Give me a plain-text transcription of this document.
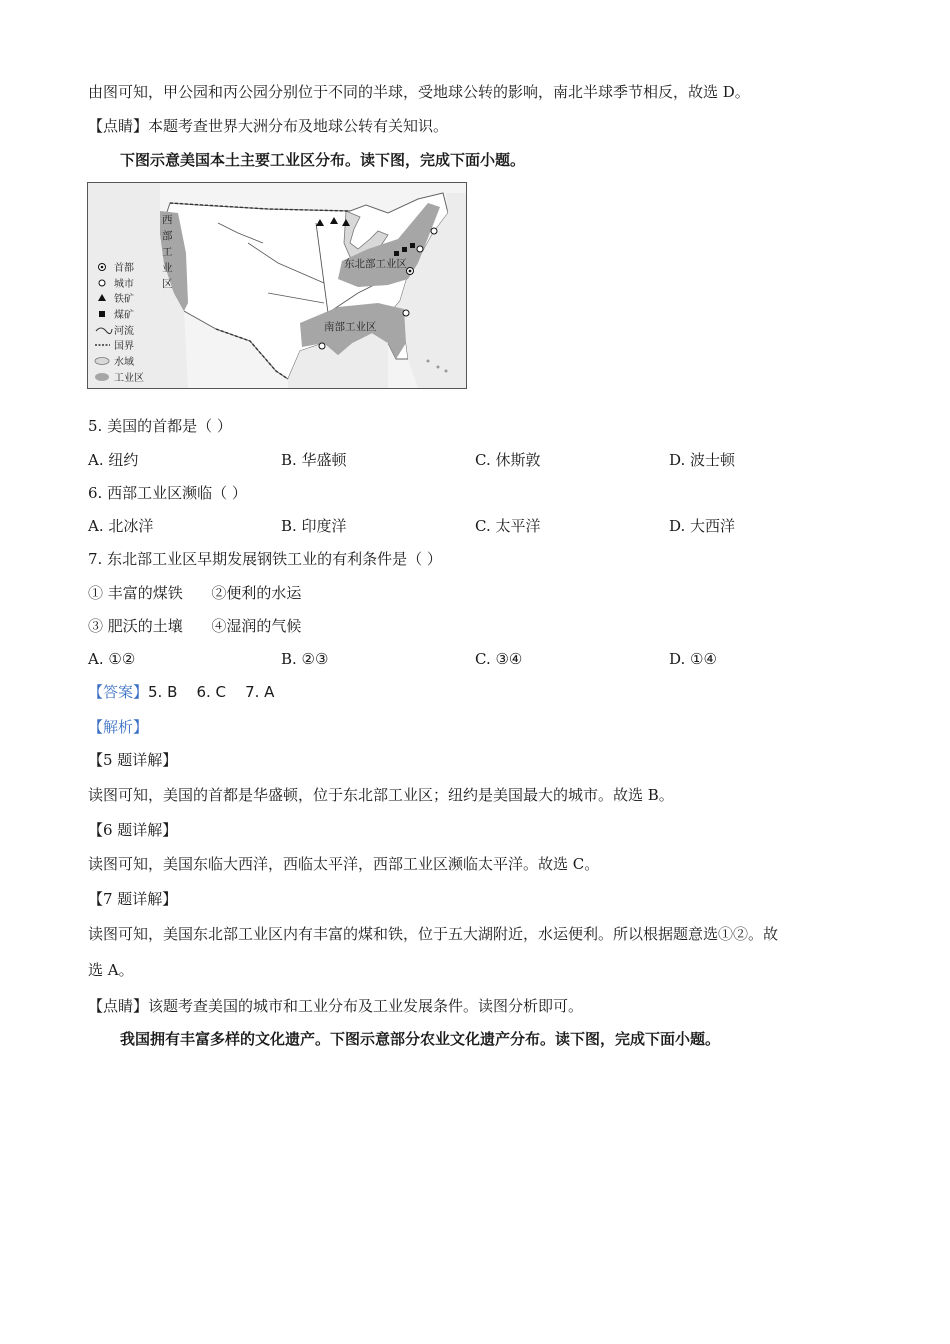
由图可知，甲公园和丙公园分别位于不同的半球，受地球公转的影响，南北半球季节相反，故选 D。
【点睛】本题考查世界大洲分布及地球公转有关知识。
下图示意美国本土主要工业区分布。读下图，完成下面小题。
西
部
工
业
区
东北部工业区
南部工业区
首都
城市
铁矿
煤矿
河流
国界
水域
工业区
5. 美国的首都是（ ）
A. 纽约	B. 华盛顿	C. 休斯敦	D. 波士顿
6. 西部工业区濒临（ ）
A. 北冰洋	B. 印度洋	C. 太平洋	D. 大西洋
7. 东北部工业区早期发展钢铁工业的有利条件是（ ）
① 丰富的煤铁      ②便利的水运
③ 肥沃的土壤      ④湿润的气候
A. ①②	B. ②③	C. ③④	D. ①④
【答案】5. B    6. C    7. A
【解析】
【5 题详解】
读图可知，美国的首都是华盛顿，位于东北部工业区；纽约是美国最大的城市。故选 B。
【6 题详解】
读图可知，美国东临大西洋，西临太平洋，西部工业区濒临太平洋。故选 C。
【7 题详解】
读图可知，美国东北部工业区内有丰富的煤和铁，位于五大湖附近，水运便利。所以根据题意选①②。故
选 A。
【点睛】该题考查美国的城市和工业分布及工业发展条件。读图分析即可。
我国拥有丰富多样的文化遗产。下图示意部分农业文化遗产分布。读下图，完成下面小题。
